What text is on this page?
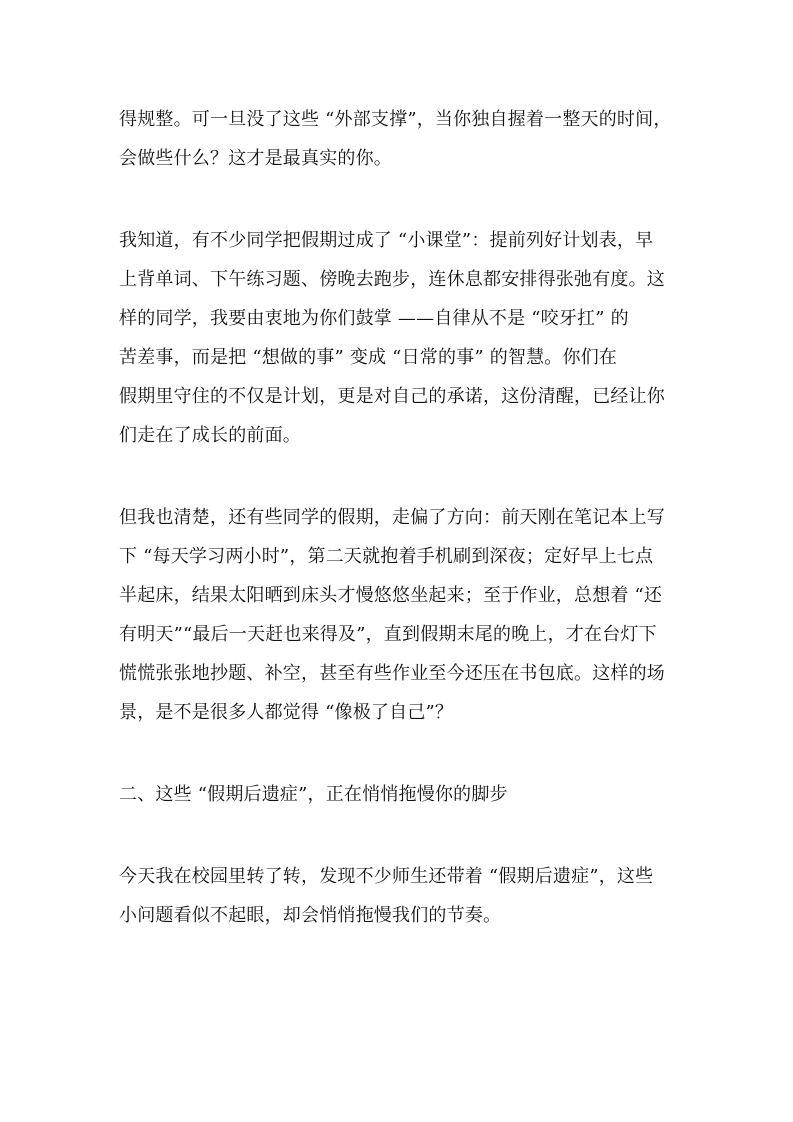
得规整。可一旦没了这些 “外部支撑”，当你独自握着一整天的时间，
会做些什么？这才是最真实的你。
我知道，有不少同学把假期过成了 “小课堂”：提前列好计划表，早
上背单词、下午练习题、傍晚去跑步，连休息都安排得张弛有度。这
样的同学，我要由衷地为你们鼓掌 ——自律从不是 “咬牙扛” 的
苦差事，而是把 “想做的事” 变成 “日常的事” 的智慧。你们在
假期里守住的不仅是计划，更是对自己的承诺，这份清醒，已经让你
们走在了成长的前面。
但我也清楚，还有些同学的假期，走偏了方向：前天刚在笔记本上写
下 “每天学习两小时”，第二天就抱着手机刷到深夜；定好早上七点
半起床，结果太阳晒到床头才慢悠悠坐起来；至于作业，总想着 “还
有明天”“最后一天赶也来得及”，直到假期末尾的晚上，才在台灯下
慌慌张张地抄题、补空，甚至有些作业至今还压在书包底。这样的场
景，是不是很多人都觉得 “像极了自己”？
二、这些 “假期后遗症”，正在悄悄拖慢你的脚步
今天我在校园里转了转，发现不少师生还带着 “假期后遗症”，这些
小问题看似不起眼，却会悄悄拖慢我们的节奏。
